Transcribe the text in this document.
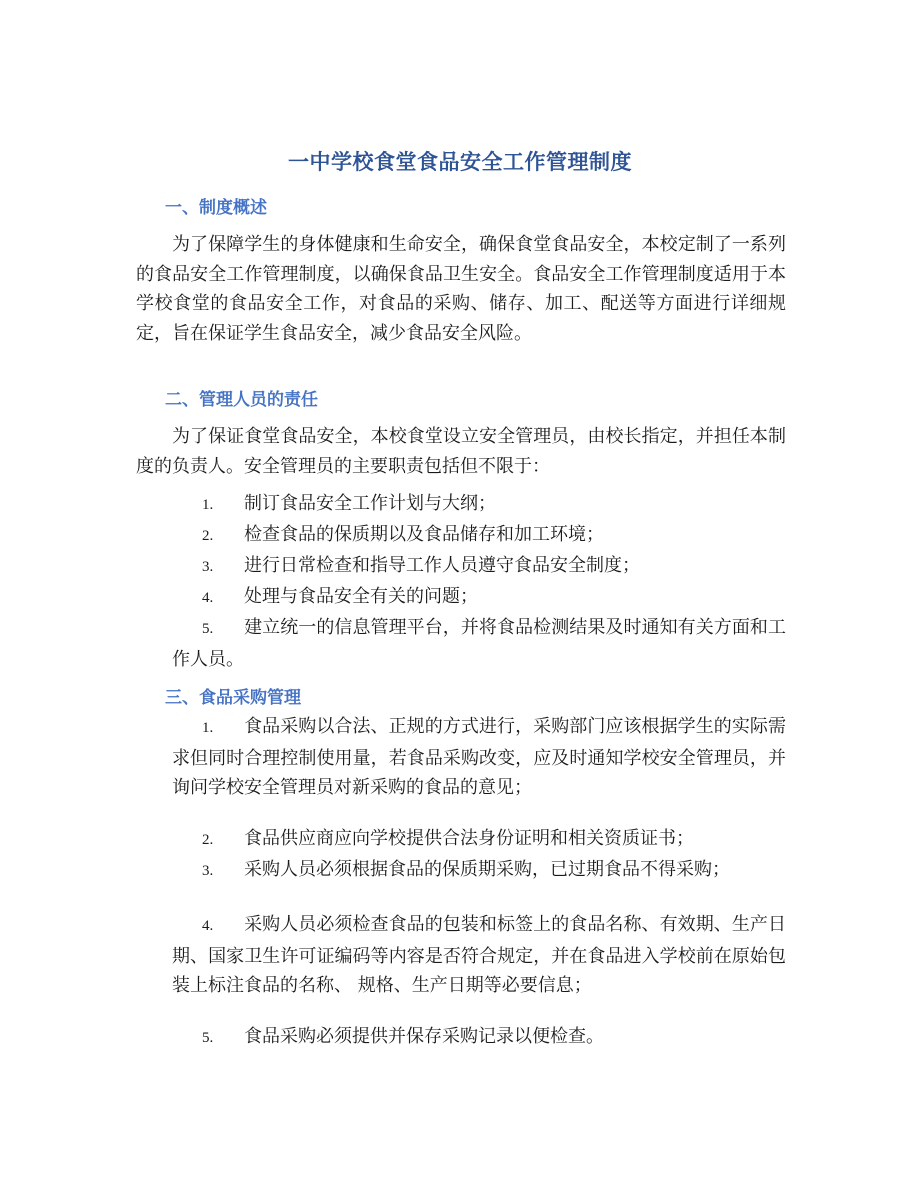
一中学校食堂食品安全工作管理制度
一、制度概述
为了保障学生的身体健康和生命安全，确保食堂食品安全，本校定制了一系列的食品安全工作管理制度，以确保食品卫生安全。食品安全工作管理制度适用于本学校食堂的食品安全工作，对食品的采购、储存、加工、配送等方面进行详细规定，旨在保证学生食品安全，减少食品安全风险。
二、管理人员的责任
为了保证食堂食品安全，本校食堂设立安全管理员，由校长指定，并担任本制度的负责人。安全管理员的主要职责包括但不限于：
1. 制订食品安全工作计划与大纲；
2. 检查食品的保质期以及食品储存和加工环境；
3. 进行日常检查和指导工作人员遵守食品安全制度；
4. 处理与食品安全有关的问题；
5. 建立统一的信息管理平台，并将食品检测结果及时通知有关方面和工作人员。
三、食品采购管理
1. 食品采购以合法、正规的方式进行，采购部门应该根据学生的实际需求但同时合理控制使用量，若食品采购改变，应及时通知学校安全管理员，并询问学校安全管理员对新采购的食品的意见；
2. 食品供应商应向学校提供合法身份证明和相关资质证书；
3. 采购人员必须根据食品的保质期采购，已过期食品不得采购；
4. 采购人员必须检查食品的包装和标签上的食品名称、有效期、生产日期、国家卫生许可证编码等内容是否符合规定，并在食品进入学校前在原始包装上标注食品的名称、 规格、生产日期等必要信息；
5. 食品采购必须提供并保存采购记录以便检查。
